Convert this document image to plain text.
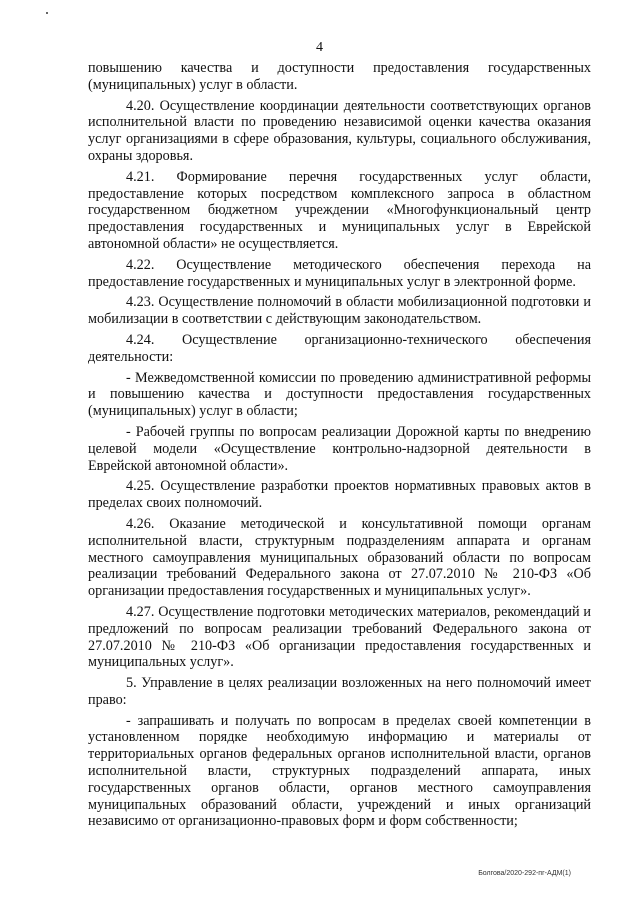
4

повышению качества и доступности предоставления государственных (муниципальных) услуг в области.

4.20. Осуществление координации деятельности соответствующих органов исполнительной власти по проведению независимой оценки качества оказания услуг организациями в сфере образования, культуры, социального обслуживания, охраны здоровья.

4.21. Формирование перечня государственных услуг области, предоставление которых посредством комплексного запроса в областном государственном бюджетном учреждении «Многофункциональный центр предоставления государственных и муниципальных услуг в Еврейской автономной области» не осуществляется.

4.22. Осуществление методического обеспечения перехода на предоставление государственных и муниципальных услуг в электронной форме.

4.23. Осуществление полномочий в области мобилизационной подготовки и мобилизации в соответствии с действующим законодательством.

4.24. Осуществление организационно-технического обеспечения деятельности:

- Межведомственной комиссии по проведению административной реформы и повышению качества и доступности предоставления государственных (муниципальных) услуг в области;

- Рабочей группы по вопросам реализации Дорожной карты по внедрению целевой модели «Осуществление контрольно-надзорной деятельности в Еврейской автономной области».

4.25. Осуществление разработки проектов нормативных правовых актов в пределах своих полномочий.

4.26. Оказание методической и консультативной помощи органам исполнительной власти, структурным подразделениям аппарата и органам местного самоуправления муниципальных образований области по вопросам реализации требований Федерального закона от 27.07.2010 № 210-ФЗ «Об организации предоставления государственных и муниципальных услуг».

4.27. Осуществление подготовки методических материалов, рекомендаций и предложений по вопросам реализации требований Федерального закона от 27.07.2010 № 210-ФЗ «Об организации предоставления государственных и муниципальных услуг».

5. Управление в целях реализации возложенных на него полномочий имеет право:

- запрашивать и получать по вопросам в пределах своей компетенции в установленном порядке необходимую информацию и материалы от территориальных органов федеральных органов исполнительной власти, органов исполнительной власти, структурных подразделений аппарата, иных государственных органов области, органов местного самоуправления муниципальных образований области, учреждений и иных организаций независимо от организационно-правовых форм и форм собственности;

Болгова/2020-292-пг-АДМ(1)
